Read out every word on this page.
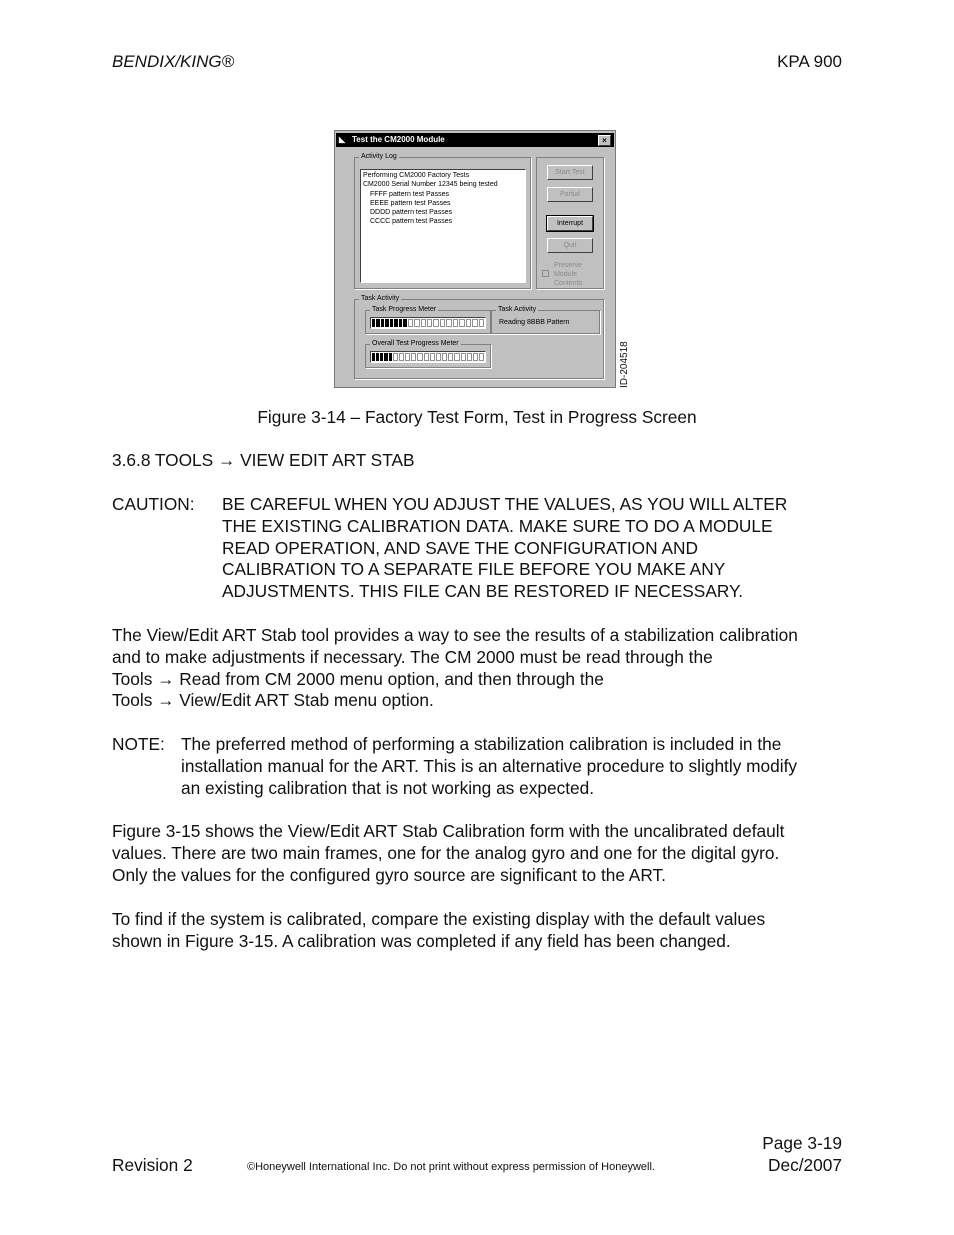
BENDIX/KING®	KPA 900
◣ Test the CM2000 Module	×
Activity Log
Performing CM2000 Factory Tests
CM2000 Serial Number 12345 being tested
FFFF pattern test Passes
EEEE pattern test Passes
DDDD pattern test Passes
CCCC pattern test Passes
Start Test
Partial
Interrupt
Quit
Preserve
Module
Contents
Task Activity
Task Progress Meter	Task Activity
Reading 8BBB Pattern
Overall Test Progress Meter	ID-204518
Figure 3-14 – Factory Test Form, Test in Progress Screen
3.6.8 TOOLS → VIEW EDIT ART STAB
CAUTION: BE CAREFUL WHEN YOU ADJUST THE VALUES, AS YOU WILL ALTER
THE EXISTING CALIBRATION DATA. MAKE SURE TO DO A MODULE
READ OPERATION, AND SAVE THE CONFIGURATION AND
CALIBRATION TO A SEPARATE FILE BEFORE YOU MAKE ANY
ADJUSTMENTS. THIS FILE CAN BE RESTORED IF NECESSARY.
The View/Edit ART Stab tool provides a way to see the results of a stabilization calibration
and to make adjustments if necessary. The CM 2000 must be read through the
Tools → Read from CM 2000 menu option, and then through the
Tools → View/Edit ART Stab menu option.
NOTE: The preferred method of performing a stabilization calibration is included in the
installation manual for the ART. This is an alternative procedure to slightly modify
an existing calibration that is not working as expected.
Figure 3-15 shows the View/Edit ART Stab Calibration form with the uncalibrated default
values. There are two main frames, one for the analog gyro and one for the digital gyro.
Only the values for the configured gyro source are significant to the ART.
To find if the system is calibrated, compare the existing display with the default values
shown in Figure 3-15. A calibration was completed if any field has been changed.
Page 3-19
Revision 2	©Honeywell International Inc. Do not print without express permission of Honeywell.	Dec/2007
